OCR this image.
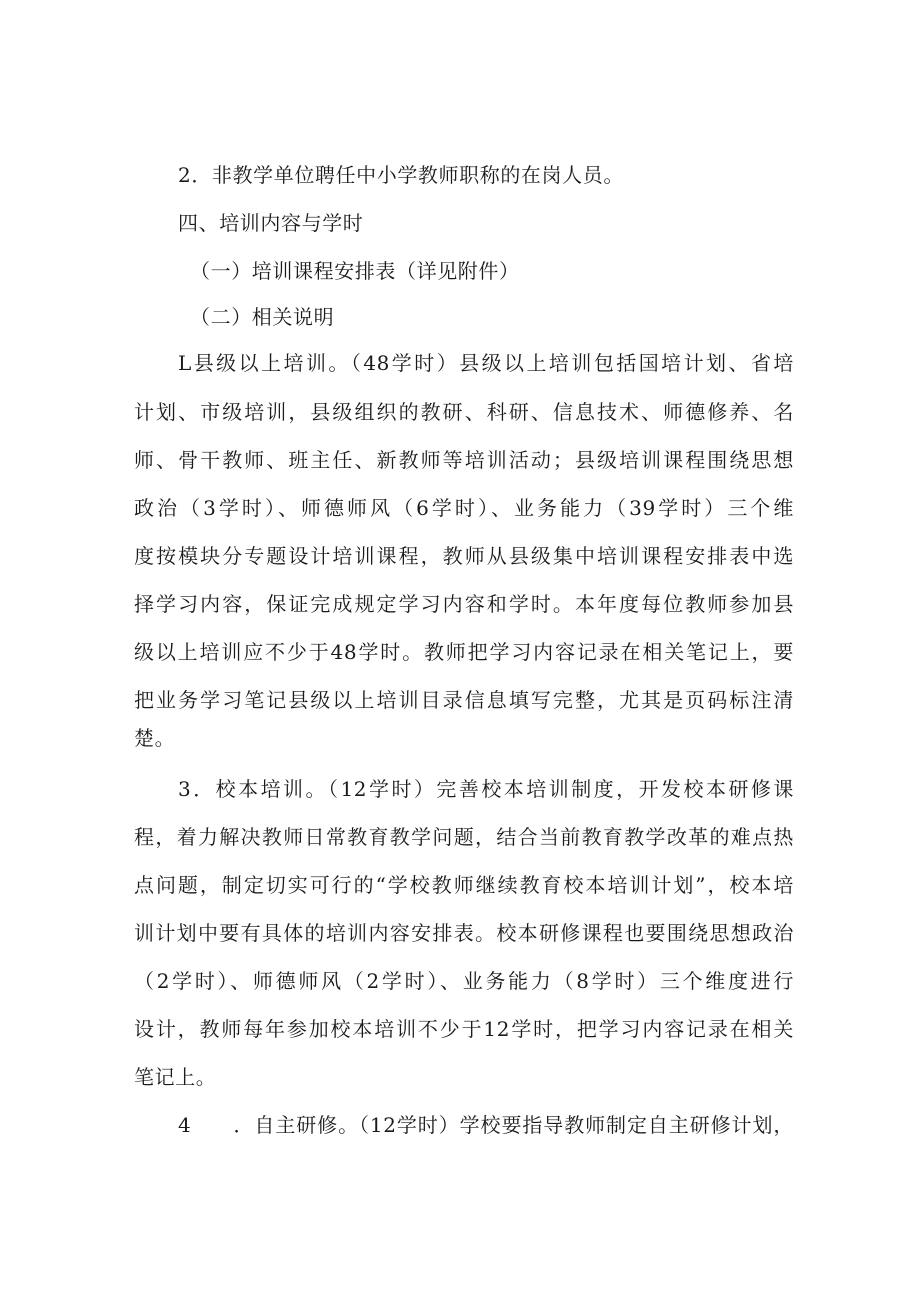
2．非教学单位聘任中小学教师职称的在岗人员。
四、培训内容与学时
（一）培训课程安排表（详见附件）
（二）相关说明
L县级以上培训。（48学时）县级以上培训包括国培计划、省培
计划、市级培训，县级组织的教研、科研、信息技术、师德修养、名
师、骨干教师、班主任、新教师等培训活动；县级培训课程围绕思想
政治（3学时）、师德师风（6学时）、业务能力（39学时）三个维
度按模块分专题设计培训课程，教师从县级集中培训课程安排表中选
择学习内容，保证完成规定学习内容和学时。本年度每位教师参加县
级以上培训应不少于48学时。教师把学习内容记录在相关笔记上，要
把业务学习笔记县级以上培训目录信息填写完整，尤其是页码标注清
楚。
3．校本培训。（12学时）完善校本培训制度，开发校本研修课
程，着力解决教师日常教育教学问题，结合当前教育教学改革的难点热
点问题，制定切实可行的“学校教师继续教育校本培训计划”，校本培
训计划中要有具体的培训内容安排表。校本研修课程也要围绕思想政治
（2学时）、师德师风（2学时）、业务能力（8学时）三个维度进行
设计，教师每年参加校本培训不少于12学时，把学习内容记录在相关
笔记上。
4　　．自主研修。（12学时）学校要指导教师制定自主研修计划，
